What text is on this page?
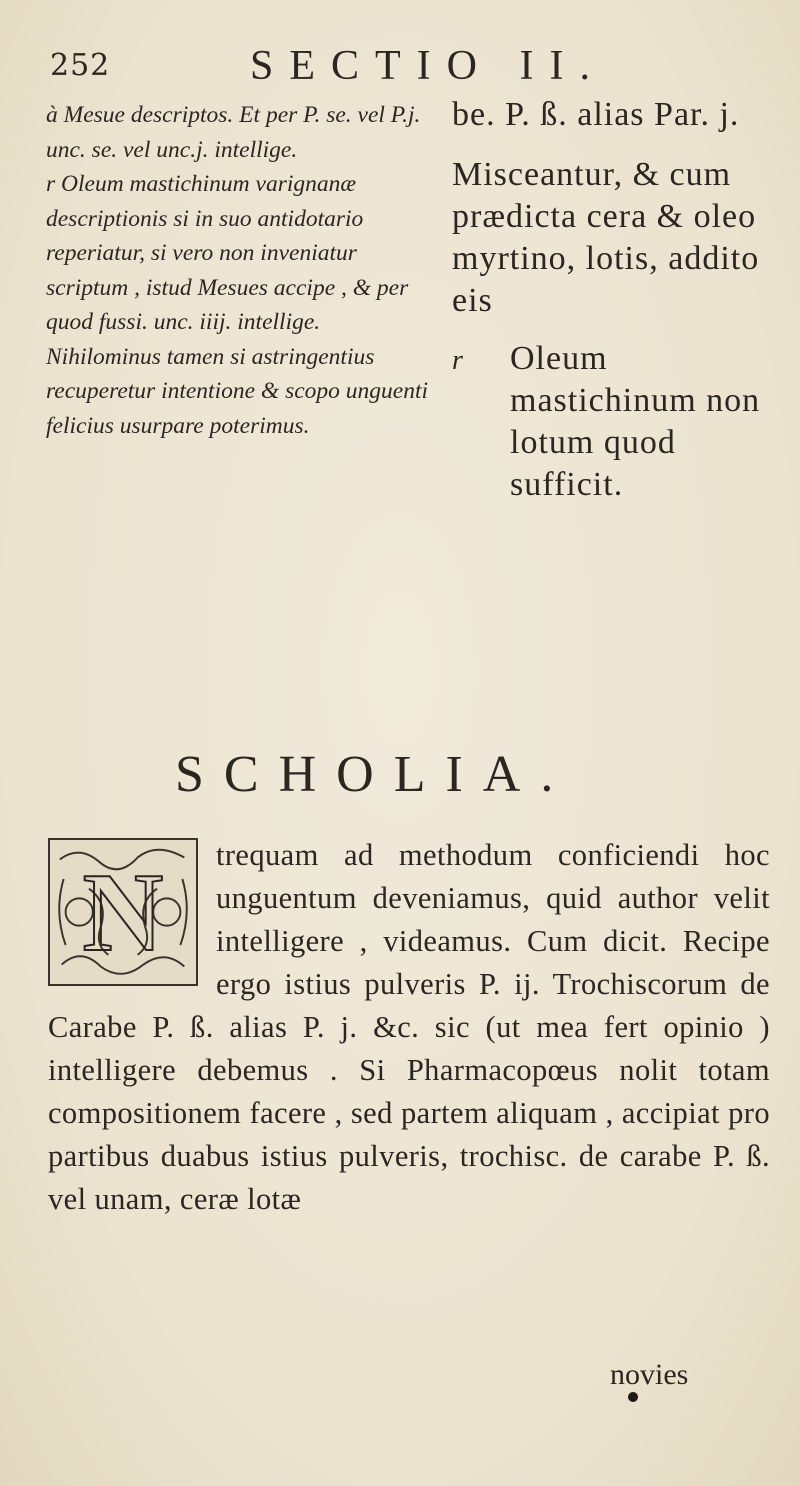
252	SECTIO II.

à Mesue descriptos. Et per P. se. vel P.j. unc. se. vel unc.j. intellige.

r Oleum mastichinum varignanæ descriptionis si in suo antidotario reperiatur, si vero non inveniatur scriptum , istud Mesues accipe , & per quod fussi. unc. iiij. intellige. Nihilominus tamen si astringentius recuperetur intentione & scopo unguenti felicius usurpare poterimus.

be. P. ß. alias Par. j.

Misceantur, & cum prædicta cera & oleo myrtino, lotis, addito eis

r Oleum mastichinum non lotum quod sufficit.

SCHOLIA.
N	trequam ad methodum conficiendi hoc unguentum deveniamus, quid author velit intelligere , videamus. Cum dicit. Recipe ergo istius pulveris P. ij. Trochiscorum de Carabe P. ß. alias P. j. &c. sic (ut mea fert opinio ) intelligere debemus . Si Pharmacopœus nolit totam compositionem facere , sed partem aliquam , accipiat pro partibus duabus istius pulveris, trochisc. de carabe P. ß. vel unam, ceræ lotæ

novies
